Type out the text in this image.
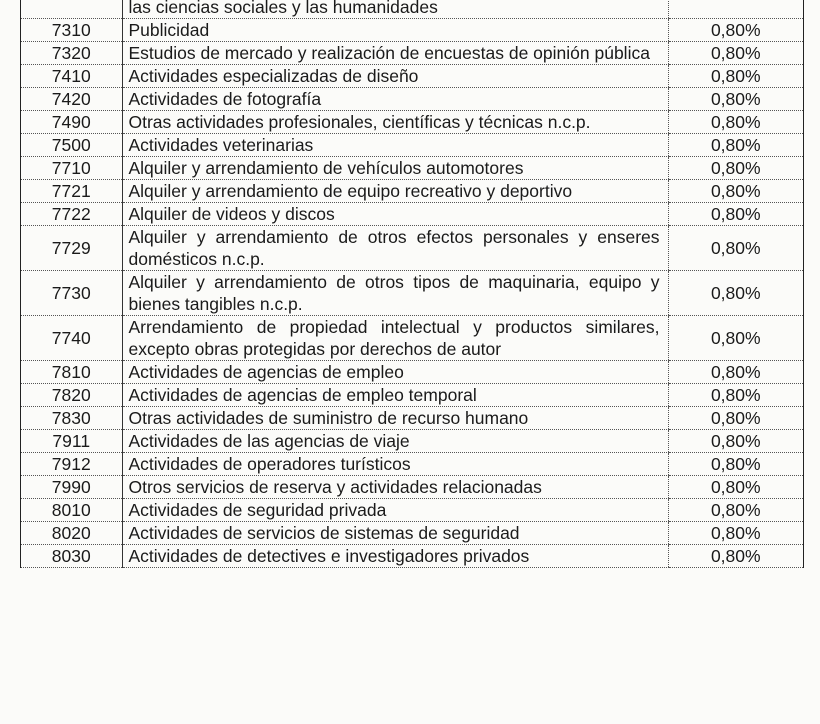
	las ciencias sociales y las humanidades	
7310	Publicidad	0,80%
7320	Estudios de mercado y realización de encuestas de opinión pública	0,80%
7410	Actividades especializadas de diseño	0,80%
7420	Actividades de fotografía	0,80%
7490	Otras actividades profesionales, científicas y técnicas n.c.p.	0,80%
7500	Actividades veterinarias	0,80%
7710	Alquiler y arrendamiento de vehículos automotores	0,80%
7721	Alquiler y arrendamiento de equipo recreativo y deportivo	0,80%
7722	Alquiler de videos y discos	0,80%
7729	Alquiler y arrendamiento de otros efectos personales y enseres domésticos n.c.p.	0,80%
7730	Alquiler y arrendamiento de otros tipos de maquinaria, equipo y bienes tangibles n.c.p.	0,80%
7740	Arrendamiento de propiedad intelectual y productos similares, excepto obras protegidas por derechos de autor	0,80%
7810	Actividades de agencias de empleo	0,80%
7820	Actividades de agencias de empleo temporal	0,80%
7830	Otras actividades de suministro de recurso humano	0,80%
7911	Actividades de las agencias de viaje	0,80%
7912	Actividades de operadores turísticos	0,80%
7990	Otros servicios de reserva y actividades relacionadas	0,80%
8010	Actividades de seguridad privada	0,80%
8020	Actividades de servicios de sistemas de seguridad	0,80%
8030	Actividades de detectives e investigadores privados	0,80%
